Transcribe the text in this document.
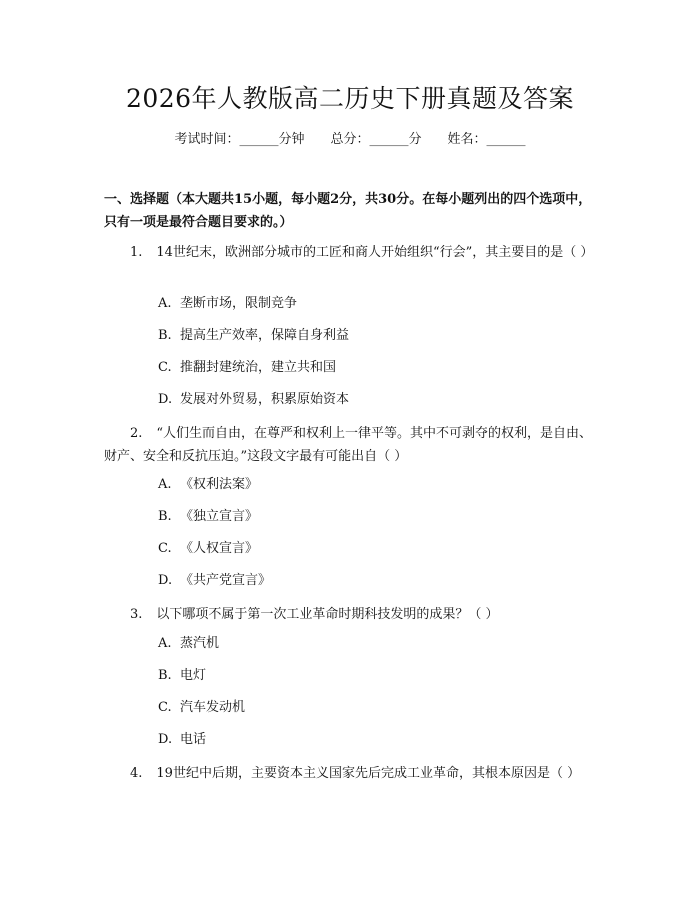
2026年人教版高二历史下册真题及答案
考试时间：______分钟 总分：______分 姓名：______
一、选择题（本大题共15小题，每小题2分，共30分。在每小题列出的四个选项中，只有一项是最符合题目要求的。）
1. 14世纪末，欧洲部分城市的工匠和商人开始组织“行会”，其主要目的是（ ）
A. 垄断市场，限制竞争
B. 提高生产效率，保障自身利益
C. 推翻封建统治，建立共和国
D. 发展对外贸易，积累原始资本
2. “人们生而自由，在尊严和权利上一律平等。其中不可剥夺的权利，是自由、财产、安全和反抗压迫。”这段文字最有可能出自（ ）
A. 《权利法案》
B. 《独立宣言》
C. 《人权宣言》
D. 《共产党宣言》
3. 以下哪项不属于第一次工业革命时期科技发明的成果？（ ）
A. 蒸汽机
B. 电灯
C. 汽车发动机
D. 电话
4. 19世纪中后期，主要资本主义国家先后完成工业革命，其根本原因是（ ）
